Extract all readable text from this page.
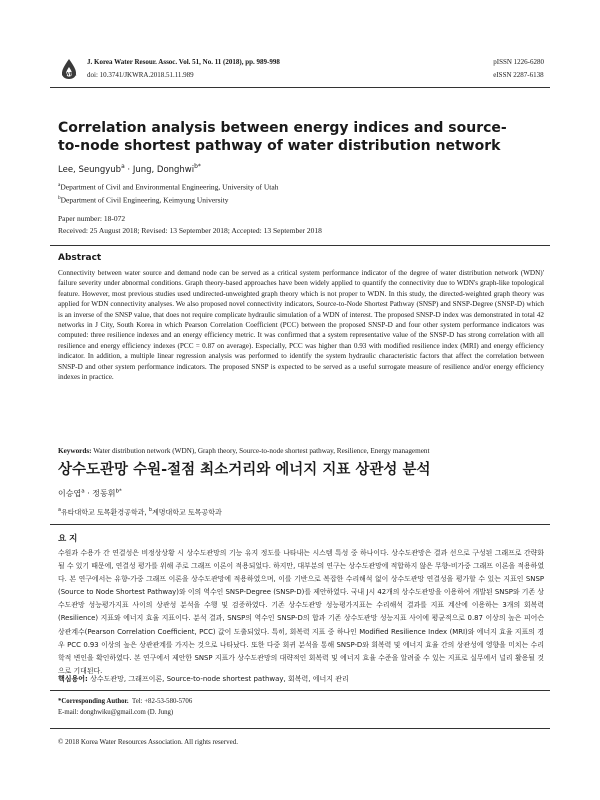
KWRA
J. Korea Water Resour. Assoc. Vol. 51, No. 11 (2018), pp. 989-998
doi: 10.3741/JKWRA.2018.51.11.989
pISSN 1226-6280
eISSN 2287-6138
Correlation analysis between energy indices and source-to-node shortest pathway of water distribution network
Lee, Seungyub$^a$ · Jung, Donghwi$^{b*}$
$^a$Department of Civil and Environmental Engineering, University of Utah
$^b$Department of Civil Engineering, Keimyung University
Paper number: 18-072
Received: 25 August 2018; Revised: 13 September 2018; Accepted: 13 September 2018
Abstract
Connectivity between water source and demand node can be served as a critical system performance indicator of the degree of water distribution network (WDN)' failure severity under abnormal conditions. Graph theory-based approaches have been widely applied to quantify the connectivity due to WDN's graph-like topological feature. However, most previous studies used undirected-unweighted graph theory which is not proper to WDN. In this study, the directed-weighted graph theory was applied for WDN connectivity analyses. We also proposed novel connectivity indicators, Source-to-Node Shortest Pathway (SNSP) and SNSP-Degree (SNSP-D) which is an inverse of the SNSP value, that does not require complicate hydraulic simulation of a WDN of interest. The proposed SNSP-D index was demonstrated in total 42 networks in J City, South Korea in which Pearson Correlation Coefficient (PCC) between the proposed SNSP-D and four other system performance indicators was computed: three resilience indexes and an energy efficiency metric. It was confirmed that a system representative value of the SNSP-D has strong correlation with all resilience and energy efficiency indexes (PCC = 0.87 on average). Especially, PCC was higher than 0.93 with modified resilience index (MRI) and energy efficiency indicator. In addition, a multiple linear regression analysis was performed to identify the system hydraulic characteristic factors that affect the correlation between SNSP-D and other system performance indicators. The proposed SNSP is expected to be served as a useful surrogate measure of resilience and/or energy efficiency indexes in practice.
Keywords: Water distribution network (WDN), Graph theory, Source-to-node shortest pathway, Resilience, Energy management
상수도관망 수원-절점 최소거리와 에너지 지표 상관성 분석
이승엽$^a$ · 정동휘$^{b*}$
$^a$유타대학교 토목환경공학과, $^b$계명대학교 토목공학과
요 지
수원과 수용가 간 연결성은 비정상상황 시 상수도관망의 기능 유지 정도를 나타내는 시스템 특성 중 하나이다. 상수도관망은 결과 선으로 구성된 그래프로 간략화 될 수 있기 때문에, 연결성 평가를 위해 주로 그래프 이론이 적용되었다. 하지만, 대부분의 연구는 상수도관망에 적합하지 않은 무향-비가중 그래프 이론을 적용하였다. 본 연구에서는 유향-가중 그래프 이론을 상수도관망에 적용하였으며, 이를 기반으로 복잡한 수리해석 없이 상수도관망 연결성을 평가할 수 있는 지표인 SNSP (Source to Node Shortest Pathway)와 이의 역수인 SNSP-Degree (SNSP-D)를 제안하였다. 국내 J시 42개의 상수도관망을 이용하여 개발된 SNSP와 기존 상수도관망 성능평가지표 사이의 상관성 분석을 수행 및 검증하였다. 기존 상수도관망 성능평가지표는 수리해석 결과를 지표 계산에 이용하는 3개의 회복력(Resilience) 지표와 에너지 효율 지표이다. 분석 결과, SNSP의 역수인 SNSP-D의 합과 기존 상수도관망 성능지표 사이에 평균적으로 0.87 이상의 높은 피어슨 상관계수(Pearson Correlation Coefficient, PCC) 값이 도출되었다. 특히, 회복력 지표 중 하나인 Modified Resilience Index (MRI)와 에너지 효율 지표의 경우 PCC 0.93 이상의 높은 상관관계를 가지는 것으로 나타났다. 또한 다중 회귀 분석을 통해 SNSP-D와 회복력 및 에너지 효율 간의 상관성에 영향을 미치는 수리학적 변인을 확인하였다. 본 연구에서 제안한 SNSP 지표가 상수도관망의 대략적인 회복력 및 에너지 효율 수준을 알려줄 수 있는 지표로 실무에서 널리 활용될 것으로 기대된다.
핵심용어: 상수도관망, 그래프이론, Source-to-node shortest pathway, 회복력, 에너지 관리
*Corresponding Author. Tel: +82-53-580-5706
E-mail: donghwiku@gmail.com (D. Jung)
© 2018 Korea Water Resources Association. All rights reserved.
